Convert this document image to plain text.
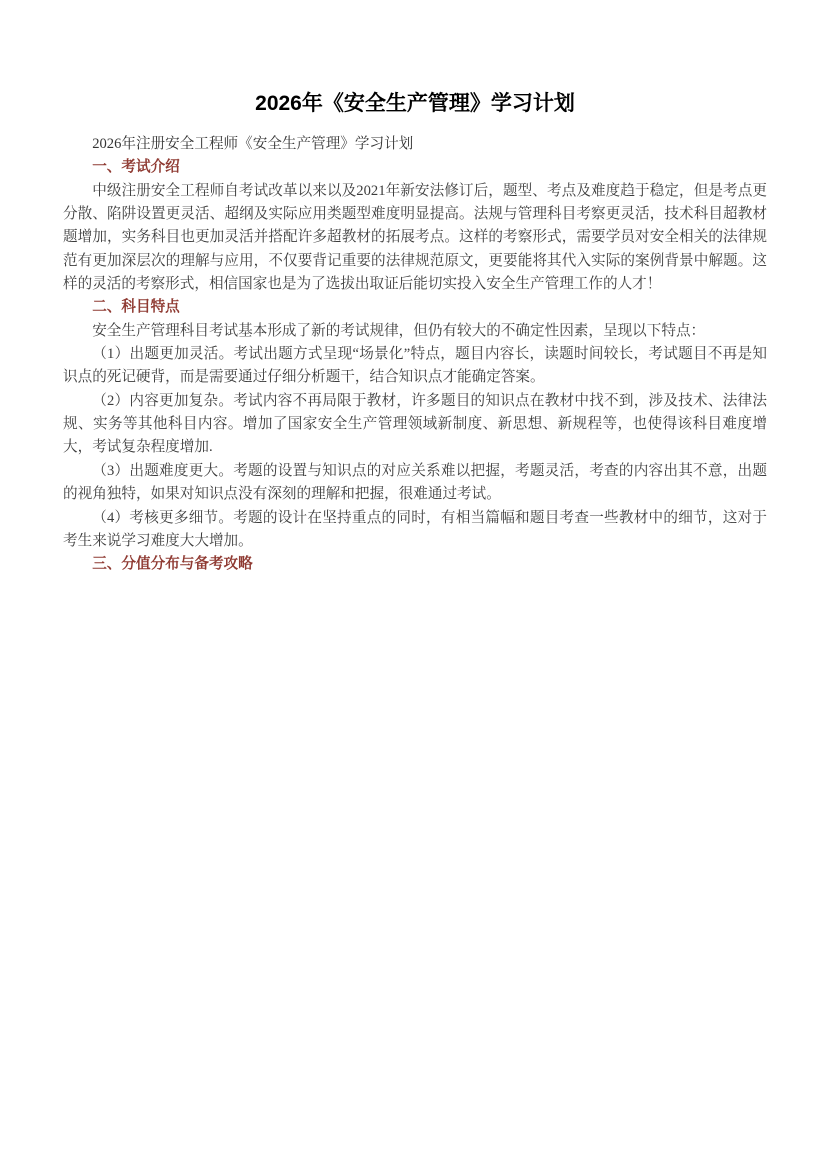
2026年《安全生产管理》学习计划

2026年注册安全工程师《安全生产管理》学习计划

一、考试介绍

中级注册安全工程师自考试改革以来以及2021年新安法修订后，题型、考点及难度趋于稳定，但是考点更分散、陷阱设置更灵活、超纲及实际应用类题型难度明显提高。法规与管理科目考察更灵活，技术科目超教材题增加，实务科目也更加灵活并搭配许多超教材的拓展考点。这样的考察形式，需要学员对安全相关的法律规范有更加深层次的理解与应用，不仅要背记重要的法律规范原文，更要能将其代入实际的案例背景中解题。这样的灵活的考察形式，相信国家也是为了选拔出取证后能切实投入安全生产管理工作的人才！

二、科目特点

安全生产管理科目考试基本形成了新的考试规律，但仍有较大的不确定性因素，呈现以下特点：

（1）出题更加灵活。考试出题方式呈现“场景化”特点，题目内容长，读题时间较长，考试题目不再是知识点的死记硬背，而是需要通过仔细分析题干，结合知识点才能确定答案。

（2）内容更加复杂。考试内容不再局限于教材，许多题目的知识点在教材中找不到，涉及技术、法律法规、实务等其他科目内容。增加了国家安全生产管理领域新制度、新思想、新规程等，也使得该科目难度增大，考试复杂程度增加.

（3）出题难度更大。考题的设置与知识点的对应关系难以把握，考题灵活，考查的内容出其不意，出题的视角独特，如果对知识点没有深刻的理解和把握，很难通过考试。

（4）考核更多细节。考题的设计在坚持重点的同时，有相当篇幅和题目考查一些教材中的细节，这对于考生来说学习难度大大增加。

三、分值分布与备考攻略
